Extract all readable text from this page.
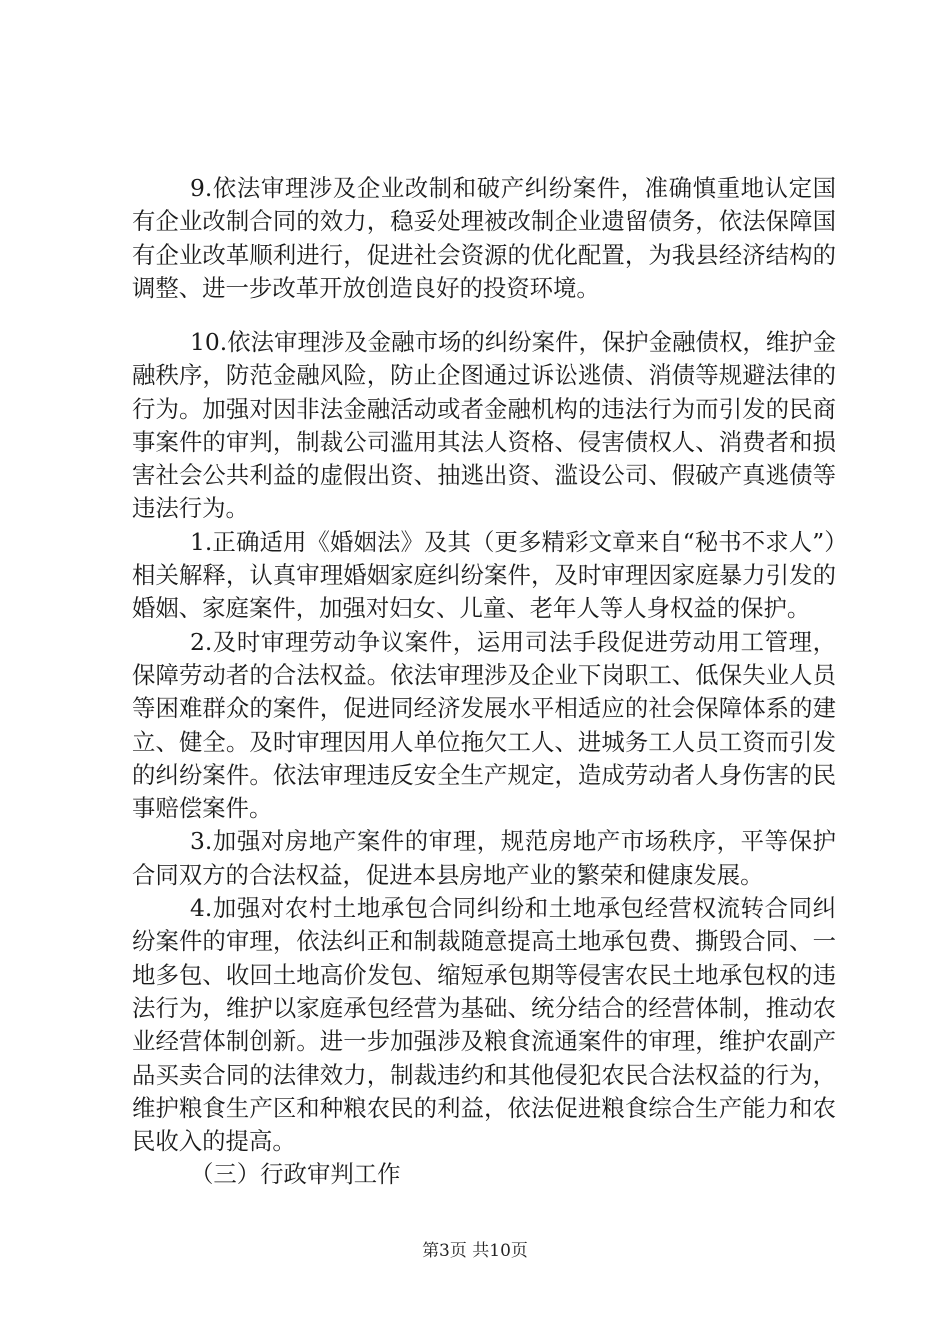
9.依法审理涉及企业改制和破产纠纷案件，准确慎重地认定国有企业改制合同的效力，稳妥处理被改制企业遗留债务，依法保障国有企业改革顺利进行，促进社会资源的优化配置，为我县经济结构的调整、进一步改革开放创造良好的投资环境。

10.依法审理涉及金融市场的纠纷案件，保护金融债权，维护金融秩序，防范金融风险，防止企图通过诉讼逃债、消债等规避法律的行为。加强对因非法金融活动或者金融机构的违法行为而引发的民商事案件的审判，制裁公司滥用其法人资格、侵害债权人、消费者和损害社会公共利益的虚假出资、抽逃出资、滥设公司、假破产真逃债等违法行为。

1.正确适用《婚姻法》及其（更多精彩文章来自“秘书不求人”）相关解释，认真审理婚姻家庭纠纷案件，及时审理因家庭暴力引发的婚姻、家庭案件，加强对妇女、儿童、老年人等人身权益的保护。

2.及时审理劳动争议案件，运用司法手段促进劳动用工管理，保障劳动者的合法权益。依法审理涉及企业下岗职工、低保失业人员等困难群众的案件，促进同经济发展水平相适应的社会保障体系的建立、健全。及时审理因用人单位拖欠工人、进城务工人员工资而引发的纠纷案件。依法审理违反安全生产规定，造成劳动者人身伤害的民事赔偿案件。

3.加强对房地产案件的审理，规范房地产市场秩序，平等保护合同双方的合法权益，促进本县房地产业的繁荣和健康发展。

4.加强对农村土地承包合同纠纷和土地承包经营权流转合同纠纷案件的审理，依法纠正和制裁随意提高土地承包费、撕毁合同、一地多包、收回土地高价发包、缩短承包期等侵害农民土地承包权的违法行为，维护以家庭承包经营为基础、统分结合的经营体制，推动农业经营体制创新。进一步加强涉及粮食流通案件的审理，维护农副产品买卖合同的法律效力，制裁违约和其他侵犯农民合法权益的行为，维护粮食生产区和种粮农民的利益，依法促进粮食综合生产能力和农民收入的提高。

（三）行政审判工作

第3页 共10页
